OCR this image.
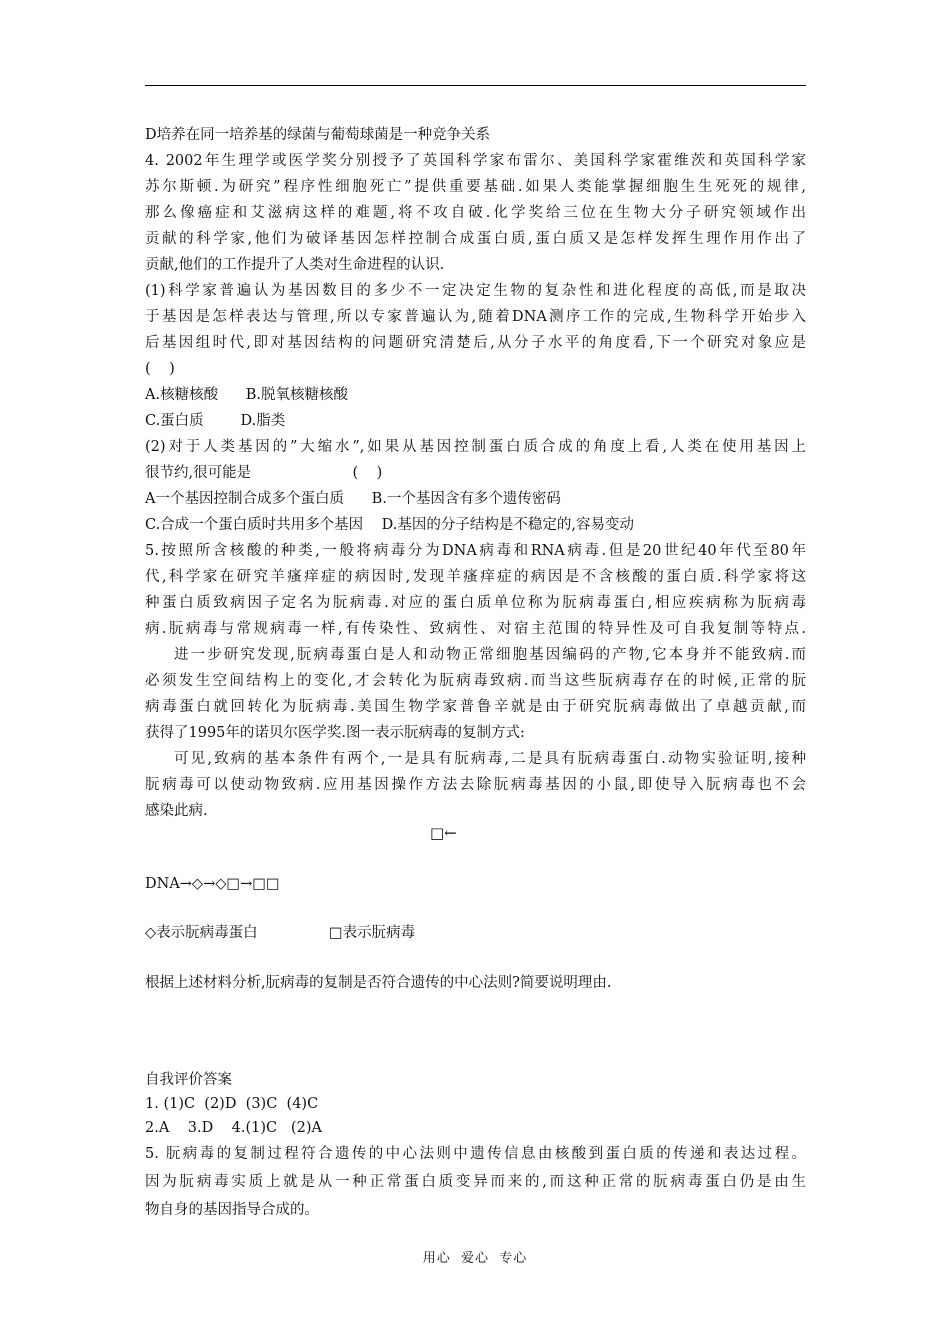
D培养在同一培养基的绿菌与葡萄球菌是一种竞争关系
4. 2002年生理学或医学奖分别授予了英国科学家布雷尔、美国科学家霍维茨和英国科学家
苏尔斯顿.为研究”程序性细胞死亡”提供重要基础.如果人类能掌握细胞生生死死的规律,
那么像癌症和艾滋病这样的难题,将不攻自破.化学奖给三位在生物大分子研究领域作出
贡献的科学家,他们为破译基因怎样控制合成蛋白质,蛋白质又是怎样发挥生理作用作出了
贡献,他们的工作提升了人类对生命进程的认识.
(1)科学家普遍认为基因数目的多少不一定决定生物的复杂性和进化程度的高低,而是取决
于基因是怎样表达与管理,所以专家普遍认为,随着DNA测序工作的完成,生物科学开始步入
后基因组时代,即对基因结构的问题研究清楚后,从分子水平的角度看,下一个研究对象应是
(    )
A.核糖核酸      B.脱氧核糖核酸
C.蛋白质        D.脂类
(2)对于人类基因的”大缩水”,如果从基因控制蛋白质合成的角度上看,人类在使用基因上
很节约,很可能是                      (    )
A一个基因控制合成多个蛋白质      B.一个基因含有多个遗传密码
C.合成一个蛋白质时共用多个基因    D.基因的分子结构是不稳定的,容易变动
5.按照所含核酸的种类,一般将病毒分为DNA病毒和RNA病毒.但是20世纪40年代至80年
代,科学家在研究羊瘙痒症的病因时,发现羊瘙痒症的病因是不含核酸的蛋白质.科学家将这
种蛋白质致病因子定名为朊病毒.对应的蛋白质单位称为朊病毒蛋白,相应疾病称为朊病毒
病.朊病毒与常规病毒一样,有传染性、致病性、对宿主范围的特异性及可自我复制等特点.
进一步研究发现,朊病毒蛋白是人和动物正常细胞基因编码的产物,它本身并不能致病.而
必须发生空间结构上的变化,才会转化为朊病毒致病.而当这些朊病毒存在的时候,正常的朊
病毒蛋白就回转化为朊病毒.美国生物学家普鲁辛就是由于研究朊病毒做出了卓越贡献,而
获得了1995年的诺贝尔医学奖.图一表示朊病毒的复制方式:
可见,致病的基本条件有两个,一是具有朊病毒,二是具有朊病毒蛋白.动物实验证明,接种
朊病毒可以使动物致病.应用基因操作方法去除朊病毒基因的小鼠,即使导入朊病毒也不会
感染此病.
□←
DNA→◇→◇□→□□
◇表示朊病毒蛋白	□表示朊病毒
根据上述材料分析,朊病毒的复制是否符合遗传的中心法则?简要说明理由.
自我评价答案
1. (1)C  (2)D  (3)C  (4)C
2.A    3.D    4.(1)C   (2)A
5. 朊病毒的复制过程符合遗传的中心法则中遗传信息由核酸到蛋白质的传递和表达过程。
因为朊病毒实质上就是从一种正常蛋白质变异而来的,而这种正常的朊病毒蛋白仍是由生
物自身的基因指导合成的。
用心  爱心  专心
